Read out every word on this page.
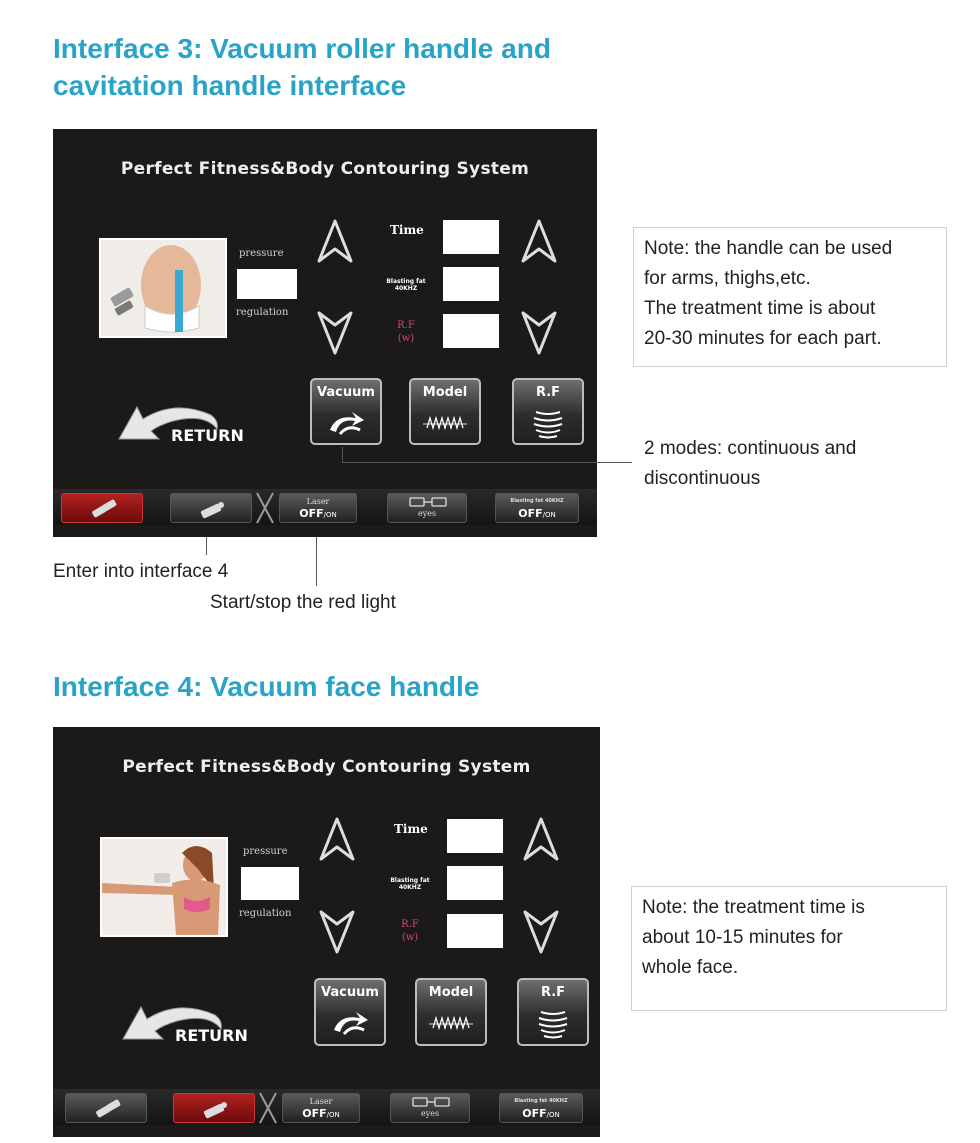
Interface 3: Vacuum roller handle and
cavitation handle interface
Perfect Fitness&Body Contouring System
pressure
regulation
Time
Blasting fat
40KHZ
R.F
(w)
RETURN
Vacuum	Model	R.F
Laser
OFF/ON	eyes
Blasting fat 40KHZ
OFF/ON
Note: the handle can be used
for arms, thighs,etc.
The treatment time is about
20-30 minutes for each part.
2 modes: continuous and
discontinuous
Enter into interface 4
Start/stop the red light
Interface 4: Vacuum face handle
Perfect Fitness&Body Contouring System
pressure
regulation
Time
Blasting fat
40KHZ
R.F
(w)
RETURN
Vacuum	Model	R.F
Laser
OFF/ON	eyes
Blasting fat 40KHZ
OFF/ON
Note: the treatment time is
about 10-15 minutes for
whole face.
